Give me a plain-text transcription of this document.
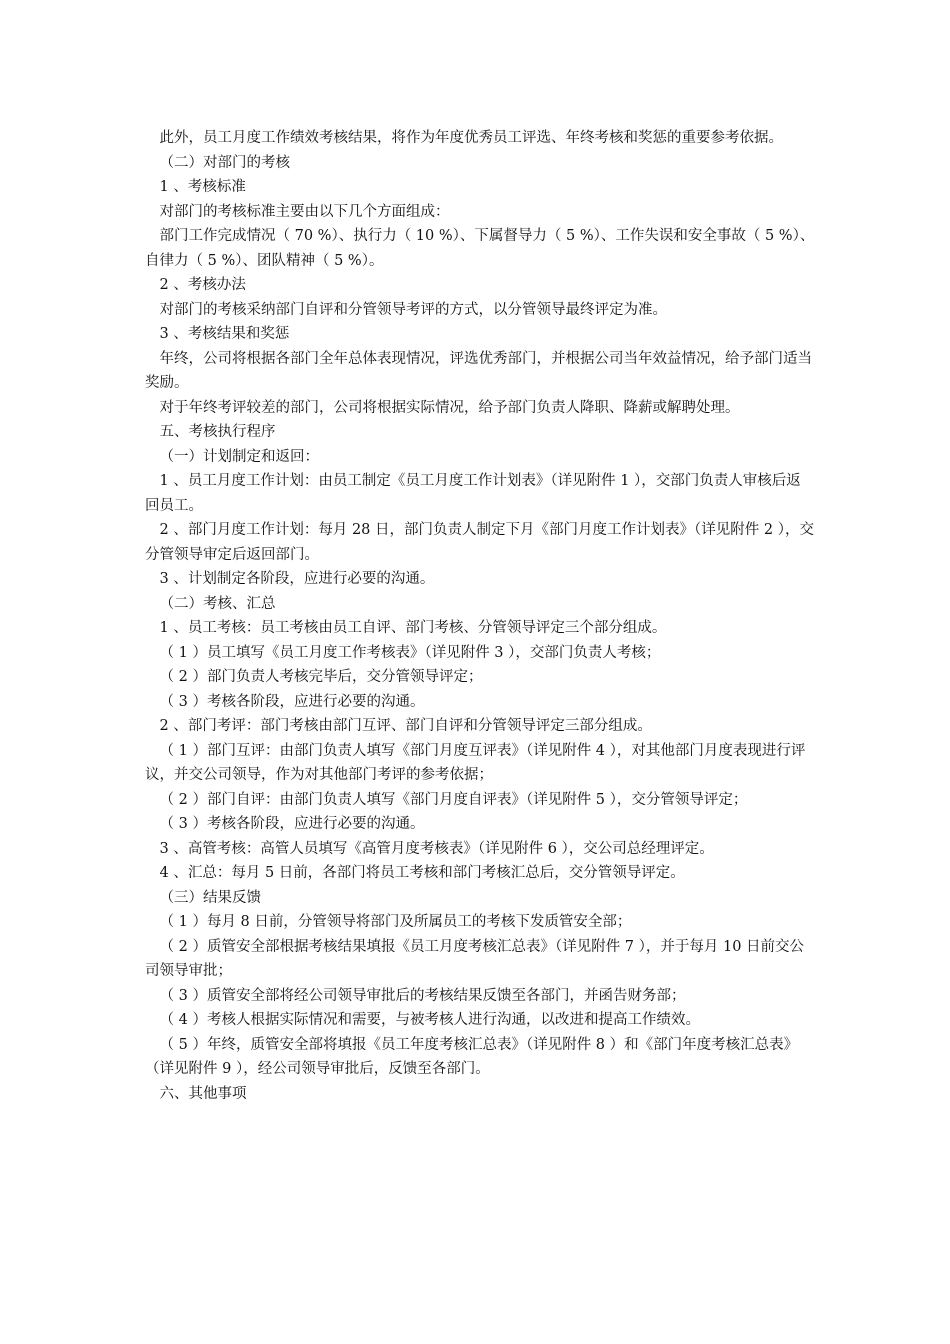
此外，员工月度工作绩效考核结果，将作为年度优秀员工评选、年终考核和奖惩的重要参考依据。

（二）对部门的考核

1 、考核标准

对部门的考核标准主要由以下几个方面组成：

部门工作完成情况（ 70 %）、执行力（ 10 %）、下属督导力（ 5 %）、工作失误和安全事故（ 5 %）、自律力（ 5 %）、团队精神（ 5 %）。

2 、考核办法

对部门的考核采纳部门自评和分管领导考评的方式，以分管领导最终评定为准。

3 、考核结果和奖惩

年终，公司将根据各部门全年总体表现情况，评选优秀部门，并根据公司当年效益情况，给予部门适当奖励。

对于年终考评较差的部门，公司将根据实际情况，给予部门负责人降职、降薪或解聘处理。

五、考核执行程序

（一）计划制定和返回：

1 、员工月度工作计划：由员工制定《员工月度工作计划表》（详见附件 1 ），交部门负责人审核后返回员工。

2 、部门月度工作计划：每月 28 日，部门负责人制定下月《部门月度工作计划表》（详见附件 2 ），交分管领导审定后返回部门。

3 、计划制定各阶段，应进行必要的沟通。

（二）考核、汇总

1 、员工考核：员工考核由员工自评、部门考核、分管领导评定三个部分组成。

（ 1 ）员工填写《员工月度工作考核表》（详见附件 3 ），交部门负责人考核；

（ 2 ）部门负责人考核完毕后，交分管领导评定；

（ 3 ）考核各阶段，应进行必要的沟通。

2 、部门考评：部门考核由部门互评、部门自评和分管领导评定三部分组成。

（ 1 ）部门互评：由部门负责人填写《部门月度互评表》（详见附件 4 ），对其他部门月度表现进行评议，并交公司领导，作为对其他部门考评的参考依据；

（ 2 ）部门自评：由部门负责人填写《部门月度自评表》（详见附件 5 ），交分管领导评定；

（ 3 ）考核各阶段，应进行必要的沟通。

3 、高管考核：高管人员填写《高管月度考核表》（详见附件 6 ），交公司总经理评定。

4 、汇总：每月 5 日前，各部门将员工考核和部门考核汇总后，交分管领导评定。

（三）结果反馈

（ 1 ）每月 8 日前，分管领导将部门及所属员工的考核下发质管安全部；

（ 2 ）质管安全部根据考核结果填报《员工月度考核汇总表》（详见附件 7 ），并于每月 10 日前交公司领导审批；

（ 3 ）质管安全部将经公司领导审批后的考核结果反馈至各部门，并函告财务部；

（ 4 ）考核人根据实际情况和需要，与被考核人进行沟通，以改进和提高工作绩效。

（ 5 ）年终，质管安全部将填报《员工年度考核汇总表》（详见附件 8 ）和《部门年度考核汇总表》（详见附件 9 ），经公司领导审批后，反馈至各部门。

六、其他事项
